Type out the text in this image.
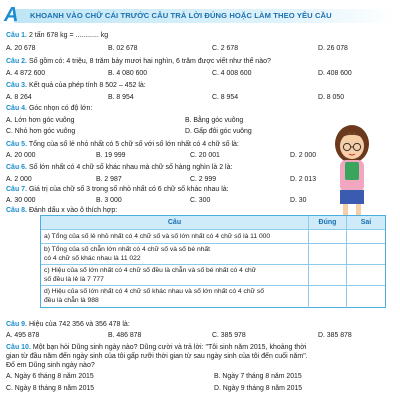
A	KHOANH VÀO CHỮ CÁI TRƯỚC CÂU TRẢ LỜI ĐÚNG HOẶC LÀM THEO YÊU CẦU
Câu 1. 2 tấn 678 kg = ............ kg
A. 20 678	B. 02 678	C. 2 678	D. 26 078
Câu 2. Số gồm có: 4 triệu, 8 trăm bảy mươi hai nghìn, 6 trăm được viết như thế nào?
A. 4 872 600	B. 4 080 600	C. 4 008 600	D. 408 600
Câu 3. Kết quả của phép tính 8 502 – 452 là:
A. 8 264	B. 8 954	C. 8 954	D. 8 050
Câu 4. Góc nhọn có độ lớn:
A. Lớn hơn góc vuông	B. Bằng góc vuông
C. Nhỏ hơn góc vuông	D. Gấp đôi góc vuông
Câu 5. Tổng của số lẻ nhỏ nhất có 5 chữ số với số lớn nhất có 4 chữ số là:
A. 20 000	B. 19 999	C. 20 001	D. 2 000
Câu 6. Số lớn nhất có 4 chữ số khác nhau mà chữ số hàng nghìn là 2 là:
A. 2 000	B. 2 987	C. 2 999	D. 2 013
Câu 7. Giá trị của chữ số 3 trong số nhỏ nhất có 6 chữ số khác nhau là:
A. 30 000	B. 3 000	C. 300	D. 30
Câu 8. Đánh dấu x vào ô thích hợp:
Câu	Đúng	Sai
a) Tổng của số lẻ nhỏ nhất có 4 chữ số và số lớn nhất có 4 chữ số là 11 000
b) Tổng của số chẵn lớn nhất có 4 chữ số và số bé nhất
có 4 chữ số khác nhau là 11 022
c) Hiệu của số lớn nhất có 4 chữ số đều là chẵn và số bé nhất có 4 chữ
số đều là lẻ là 7 777
d) Hiệu của số lớn nhất có 4 chữ số khác nhau và số lớn nhất có 4 chữ số
đều là chẵn là 988
Câu 9. Hiệu của 742 356 và 356 478 là:
A. 495 878	B. 486 878	C. 385 978	D. 385 878
Câu 10. Một bạn hỏi Dũng sinh ngày nào? Dũng cười và trả lời: "Tôi sinh năm 2015, khoảng thời
gian từ đầu năm đến ngày sinh của tôi gấp rưỡi thời gian từ sau ngày sinh của tôi đến cuối năm".
Đố em Dũng sinh ngày nào?
A. Ngày 6 tháng 8 năm 2015	B. Ngày 7 tháng 8 năm 2015
C. Ngày 8 tháng 8 năm 2015	D. Ngày 9 tháng 8 năm 2015
